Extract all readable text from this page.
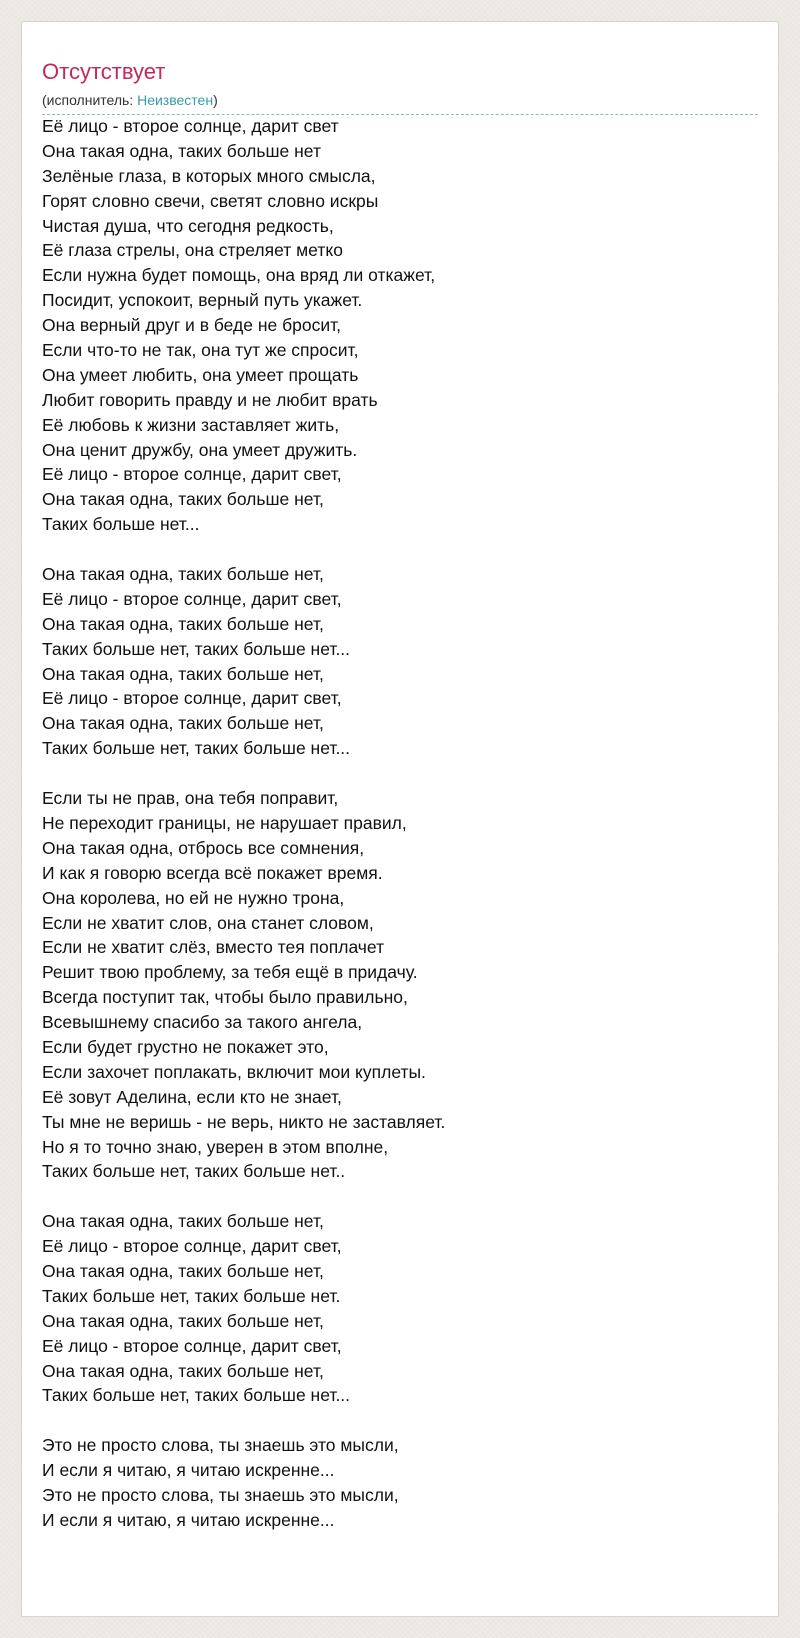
Отсутствует
(исполнитель: Неизвестен)
Её лицо - второе солнце, дарит свет
Она такая одна, таких больше нет
Зелёные глаза, в которых много смысла,
Горят словно свечи, светят словно искры
Чистая душа, что сегодня редкость,
Её глаза стрелы, она стреляет метко
Если нужна будет помощь, она вряд ли откажет,
Посидит, успокоит, верный путь укажет.
Она верный друг и в беде не бросит,
Если что-то не так, она тут же спросит,
Она умеет любить, она умеет прощать
Любит говорить правду и не любит врать
Её любовь к жизни заставляет жить,
Она ценит дружбу, она умеет дружить.
Её лицо - второе солнце, дарит свет,
Она такая одна, таких больше нет,
Таких больше нет...
Она такая одна, таких больше нет,
Её лицо - второе солнце, дарит свет,
Она такая одна, таких больше нет,
Таких больше нет, таких больше нет...
Она такая одна, таких больше нет,
Её лицо - второе солнце, дарит свет,
Она такая одна, таких больше нет,
Таких больше нет, таких больше нет...
Если ты не прав, она тебя поправит,
Не переходит границы, не нарушает правил,
Она такая одна, отбрось все сомнения,
И как я говорю всегда всё покажет время.
Она королева, но ей не нужно трона,
Если не хватит слов, она станет словом,
Если не хватит слёз, вместо тея поплачет
Решит твою проблему, за тебя ещё в придачу.
Всегда поступит так, чтобы было правильно,
Всевышнему спасибо за такого ангела,
Если будет грустно не покажет это,
Если захочет поплакать, включит мои куплеты.
Её зовут Аделина, если кто не знает,
Ты мне не веришь - не верь, никто не заставляет.
Но я то точно знаю, уверен в этом вполне,
Таких больше нет, таких больше нет..
Она такая одна, таких больше нет,
Её лицо - второе солнце, дарит свет,
Она такая одна, таких больше нет,
Таких больше нет, таких больше нет.
Она такая одна, таких больше нет,
Её лицо - второе солнце, дарит свет,
Она такая одна, таких больше нет,
Таких больше нет, таких больше нет...
Это не просто слова, ты знаешь это мысли,
И если я читаю, я читаю искренне...
Это не просто слова, ты знаешь это мысли,
И если я читаю, я читаю искренне...
